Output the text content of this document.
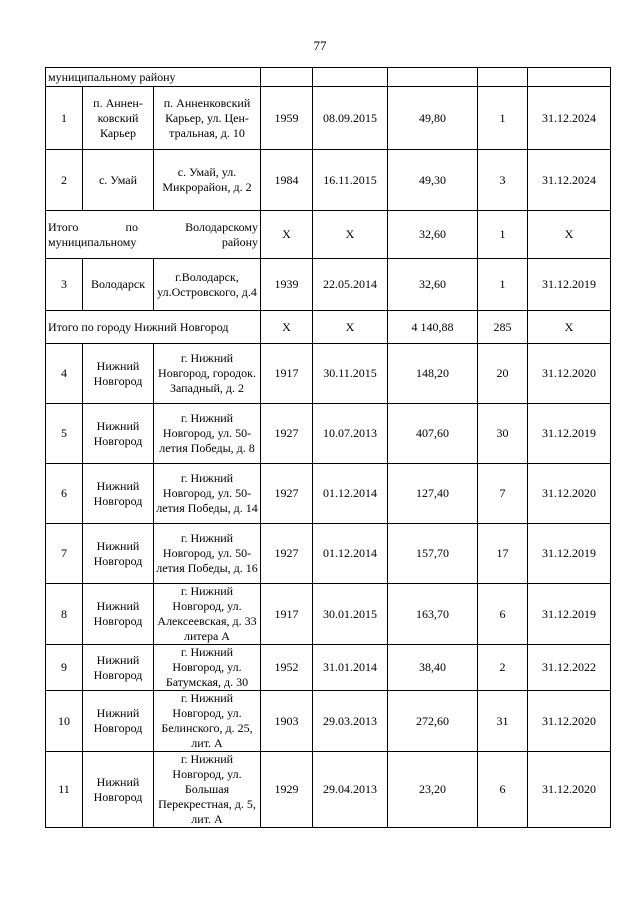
77
муниципальному району							
1	п. Аннен-ковский Карьер	п. Анненковский Карьер, ул. Цен-тральная, д. 10	1959	08.09.2015	49,80	1	31.12.2024
2	с. Умай	с. Умай, ул. Микрорайон, д. 2	1984	16.11.2015	49,30	3	31.12.2024
Итого по Володарскому муниципальному району			X	X	32,60	1	X
3	Володарск	г.Володарск, ул.Островского, д.4	1939	22.05.2014	32,60	1	31.12.2019
Итого по городу Нижний Новгород			X	X	4 140,88	285	X
4	Нижний Новгород	г. Нижний Новгород, городок. Западный, д. 2	1917	30.11.2015	148,20	20	31.12.2020
5	Нижний Новгород	г. Нижний Новгород, ул. 50-летия Победы, д. 8	1927	10.07.2013	407,60	30	31.12.2019
6	Нижний Новгород	г. Нижний Новгород, ул. 50-летия Победы, д. 14	1927	01.12.2014	127,40	7	31.12.2020
7	Нижний Новгород	г. Нижний Новгород, ул. 50-летия Победы, д. 16	1927	01.12.2014	157,70	17	31.12.2019
8	Нижний Новгород	г. Нижний Новгород, ул. Алексеевская, д. 33 литера А	1917	30.01.2015	163,70	6	31.12.2019
9	Нижний Новгород	г. Нижний Новгород, ул. Батумская, д. 30	1952	31.01.2014	38,40	2	31.12.2022
10	Нижний Новгород	г. Нижний Новгород, ул. Белинского, д. 25, лит. А	1903	29.03.2013	272,60	31	31.12.2020
11	Нижний Новгород	г. Нижний Новгород, ул. Большая Перекрестная, д. 5, лит. А	1929	29.04.2013	23,20	6	31.12.2020
